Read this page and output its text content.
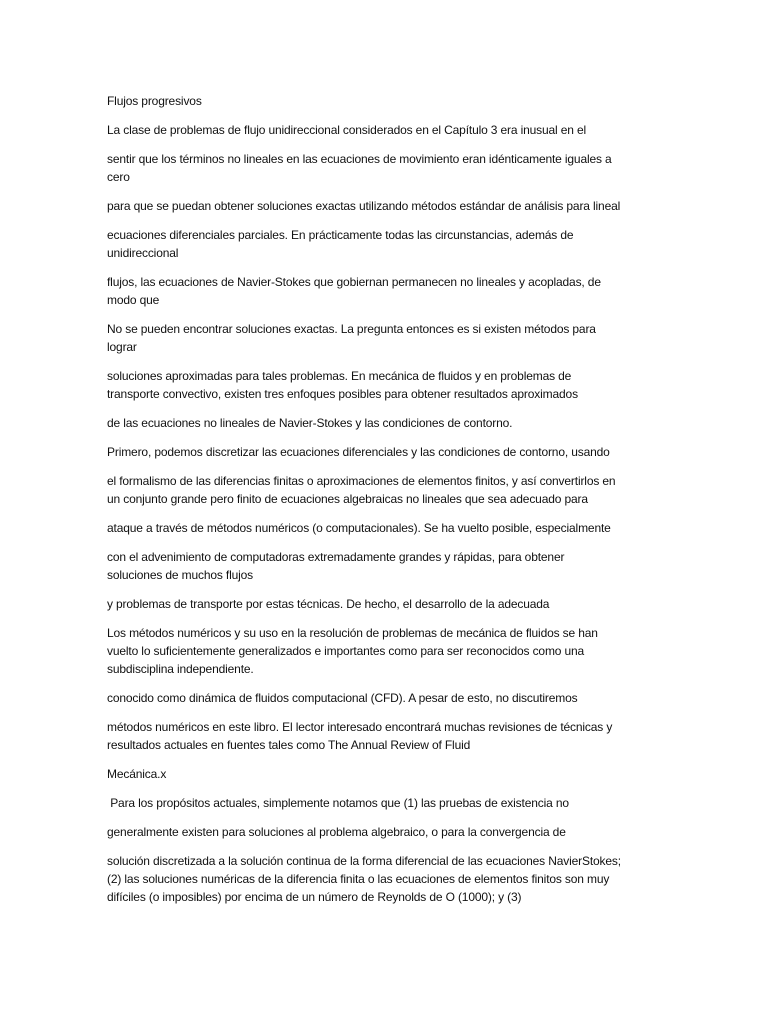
Flujos progresivos

La clase de problemas de flujo unidireccional considerados en el Capítulo 3 era inusual en el

sentir que los términos no lineales en las ecuaciones de movimiento eran idénticamente iguales a
cero

para que se puedan obtener soluciones exactas utilizando métodos estándar de análisis para lineal

ecuaciones diferenciales parciales. En prácticamente todas las circunstancias, además de
unidireccional

flujos, las ecuaciones de Navier-Stokes que gobiernan permanecen no lineales y acopladas, de
modo que

No se pueden encontrar soluciones exactas. La pregunta entonces es si existen métodos para
lograr

soluciones aproximadas para tales problemas. En mecánica de fluidos y en problemas de
transporte convectivo, existen tres enfoques posibles para obtener resultados aproximados

de las ecuaciones no lineales de Navier-Stokes y las condiciones de contorno.

Primero, podemos discretizar las ecuaciones diferenciales y las condiciones de contorno, usando

el formalismo de las diferencias finitas o aproximaciones de elementos finitos, y así convertirlos en
un conjunto grande pero finito de ecuaciones algebraicas no lineales que sea adecuado para

ataque a través de métodos numéricos (o computacionales). Se ha vuelto posible, especialmente

con el advenimiento de computadoras extremadamente grandes y rápidas, para obtener
soluciones de muchos flujos

y problemas de transporte por estas técnicas. De hecho, el desarrollo de la adecuada

Los métodos numéricos y su uso en la resolución de problemas de mecánica de fluidos se han
vuelto lo suficientemente generalizados e importantes como para ser reconocidos como una
subdisciplina independiente.

conocido como dinámica de fluidos computacional (CFD). A pesar de esto, no discutiremos

métodos numéricos en este libro. El lector interesado encontrará muchas revisiones de técnicas y
resultados actuales en fuentes tales como The Annual Review of Fluid

Mecánica.x

Para los propósitos actuales, simplemente notamos que (1) las pruebas de existencia no

generalmente existen para soluciones al problema algebraico, o para la convergencia de

solución discretizada a la solución continua de la forma diferencial de las ecuaciones NavierStokes;
(2) las soluciones numéricas de la diferencia finita o las ecuaciones de elementos finitos son muy
difíciles (o imposibles) por encima de un número de Reynolds de O (1000); y (3)
